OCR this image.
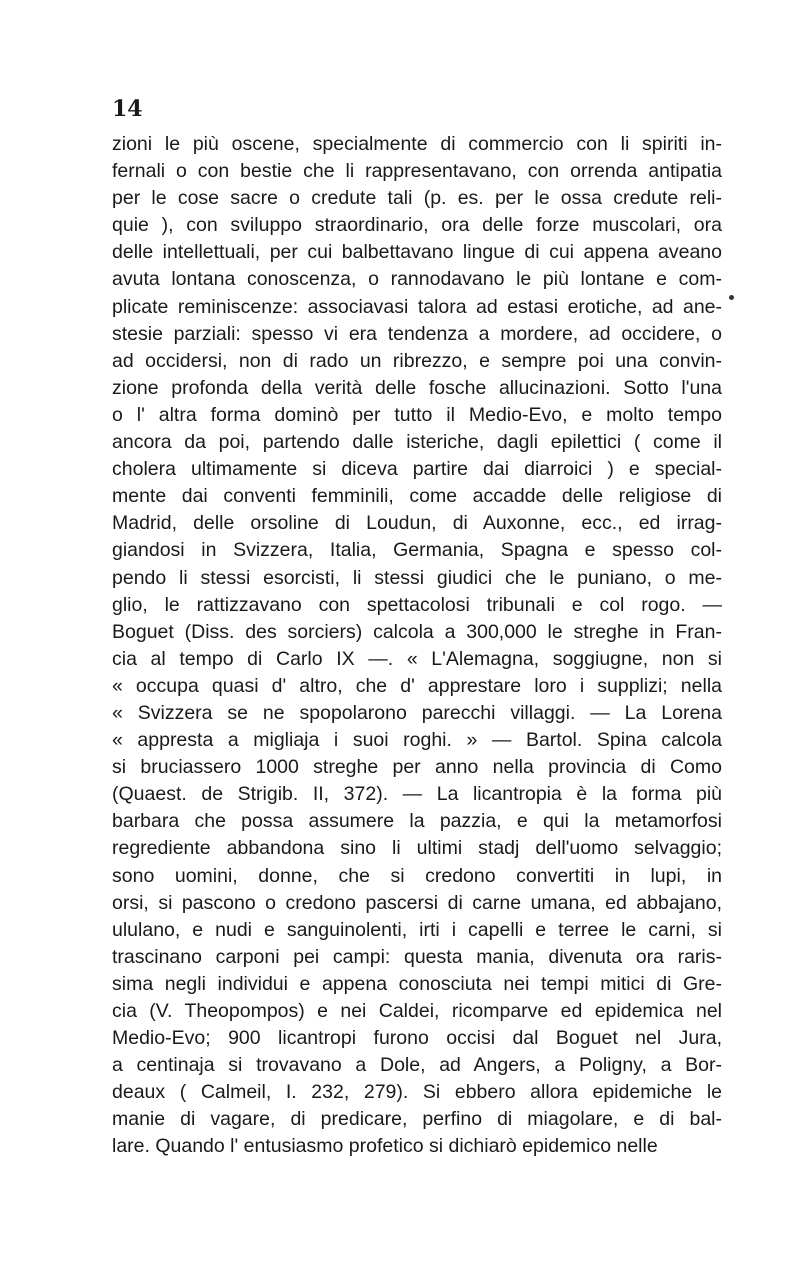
14
zioni le più oscene, specialmente di commercio con li spiriti in-
fernali o con bestie che li rappresentavano, con orrenda antipatia
per le cose sacre o credute tali (p. es. per le ossa credute reli-
quie ), con sviluppo straordinario, ora delle forze muscolari, ora
delle intellettuali, per cui balbettavano lingue di cui appena aveano
avuta lontana conoscenza, o rannodavano le più lontane e com-
plicate reminiscenze: associavasi talora ad estasi erotiche, ad ane-
stesie parziali: spesso vi era tendenza a mordere, ad occidere, o
ad occidersi, non di rado un ribrezzo, e sempre poi una convin-
zione profonda della verità delle fosche allucinazioni. Sotto l'una
o l' altra forma dominò per tutto il Medio-Evo, e molto tempo
ancora da poi, partendo dalle isteriche, dagli epilettici ( come il
cholera ultimamente si diceva partire dai diarroici ) e special-
mente dai conventi femminili, come accadde delle religiose di
Madrid, delle orsoline di Loudun, di Auxonne, ecc., ed irrag-
giandosi in Svizzera, Italia, Germania, Spagna e spesso col-
pendo li stessi esorcisti, li stessi giudici che le puniano, o me-
glio, le rattizzavano con spettacolosi tribunali e col rogo. —
Boguet (Diss. des sorciers) calcola a 300,000 le streghe in Fran-
cia al tempo di Carlo IX —. « L'Alemagna, soggiugne, non si
« occupa quasi d' altro, che d' apprestare loro i supplizi; nella
« Svizzera se ne spopolarono parecchi villaggi. — La Lorena
« appresta a migliaja i suoi roghi. » — Bartol. Spina calcola
si bruciassero 1000 streghe per anno nella provincia di Como
(Quaest. de Strigib. II, 372). — La licantropia è la forma più
barbara che possa assumere la pazzia, e qui la metamorfosi
regrediente abbandona sino li ultimi stadj dell'uomo selvaggio;
sono uomini, donne, che si credono convertiti in lupi, in
orsi, si pascono o credono pascersi di carne umana, ed abbajano,
ululano, e nudi e sanguinolenti, irti i capelli e terree le carni, si
trascinano carponi pei campi: questa mania, divenuta ora raris-
sima negli individui e appena conosciuta nei tempi mitici di Gre-
cia (V. Theopompos) e nei Caldei, ricomparve ed epidemica nel
Medio-Evo; 900 licantropi furono occisi dal Boguet nel Jura,
a centinaja si trovavano a Dole, ad Angers, a Poligny, a Bor-
deaux ( Calmeil, I. 232, 279). Si ebbero allora epidemiche le
manie di vagare, di predicare, perfino di miagolare, e di bal-
lare. Quando l' entusiasmo profetico si dichiarò epidemico nelle
